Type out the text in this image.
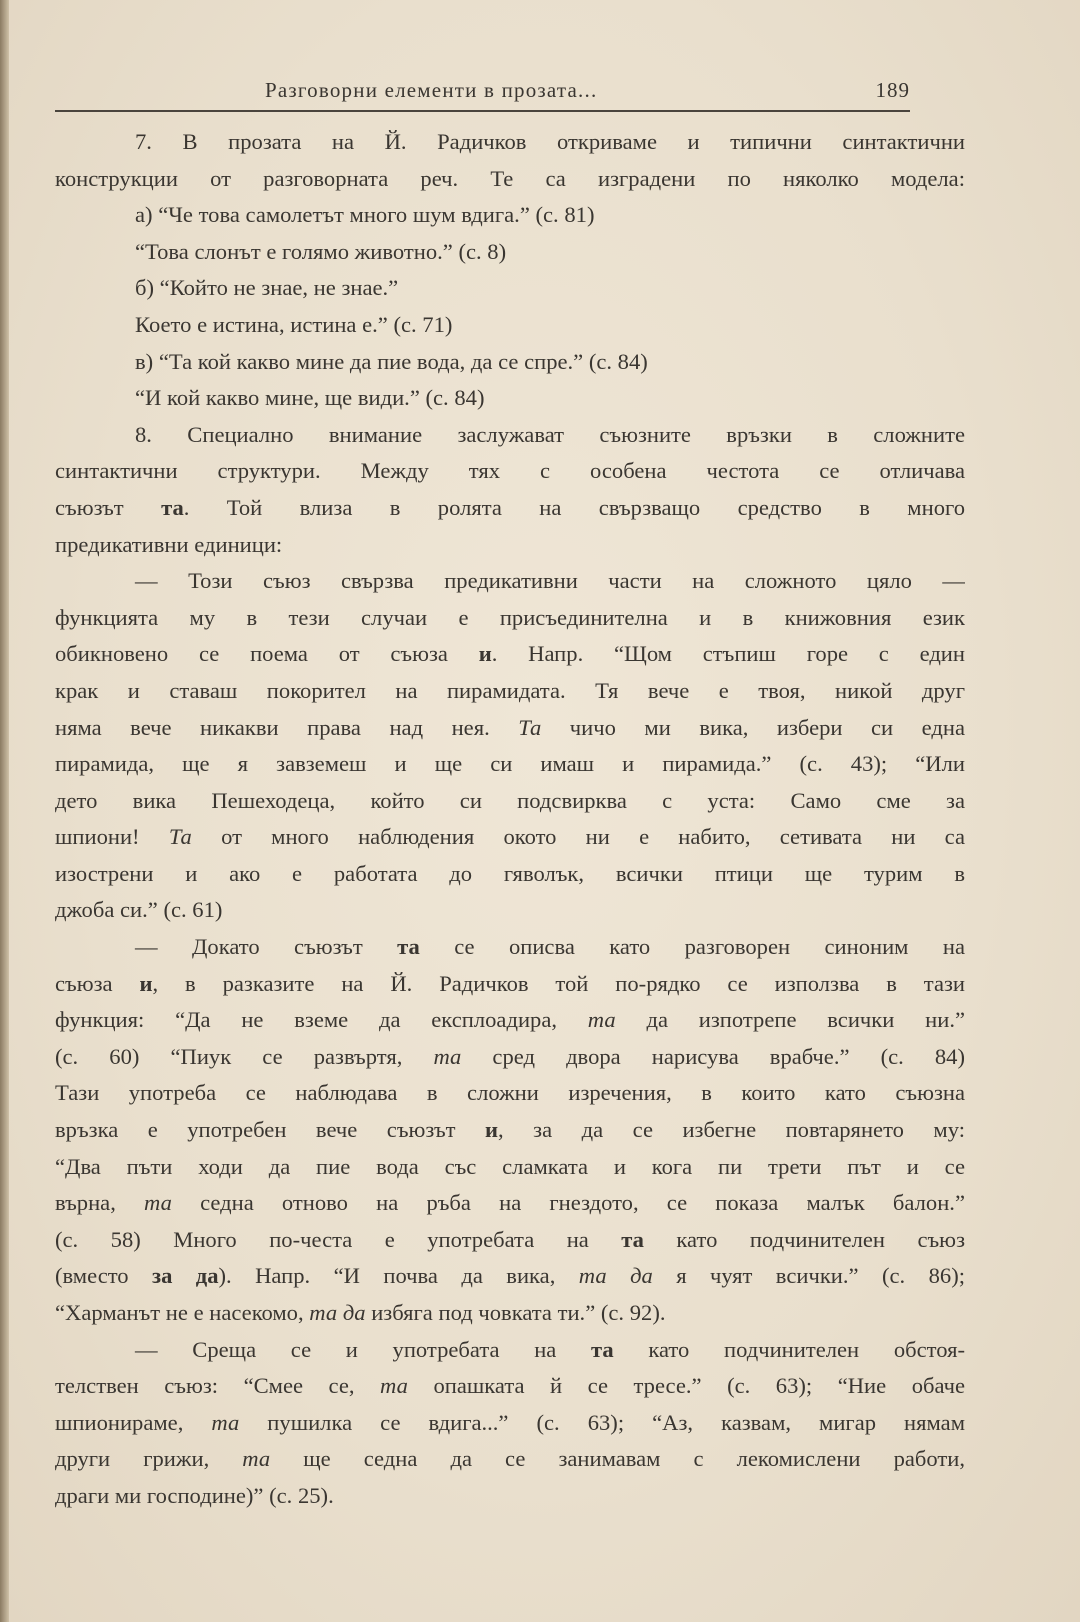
Разговорни елементи в прозата...	189
7. В прозата на Й. Радичков откриваме и типични синтактични
конструкции от разговорната реч. Те са изградени по няколко модела:
а) “Че това самолетът много шум вдига.” (с. 81)
“Това слонът е голямо животно.” (с. 8)
б) “Който не знае, не знае.”
Което е истина, истина е.” (с. 71)
в) “Та кой какво мине да пие вода, да се спре.” (с. 84)
“И кой какво мине, ще види.” (с. 84)
8. Специално внимание заслужават съюзните връзки в сложните
синтактични структури. Между тях с особена честота се отличава
съюзът та. Той влиза в ролята на свързващо средство в много
предикативни единици:
— Този съюз свързва предикативни части на сложното цяло —
функцията му в тези случаи е присъединителна и в книжовния език
обикновено се поема от съюза и. Напр. “Щом стъпиш горе с един
крак и ставаш покорител на пирамидата. Тя вече е твоя, никой друг
няма вече никакви права над нея. Та чичо ми вика, избери си една
пирамида, ще я завземеш и ще си имаш и пирамида.” (с. 43); “Или
дето вика Пешеходеца, който си подсвирква с уста: Само сме за
шпиони! Та от много наблюдения окото ни е набито, сетивата ни са
изострени и ако е работата до гяволък, всички птици ще турим в
джоба си.” (с. 61)
— Докато съюзът та се описва като разговорен синоним на
съюза и, в разказите на Й. Радичков той по-рядко се използва в тази
функция: “Да не вземе да експлоадира, та да изпотрепе всички ни.”
(с. 60) “Пиук се развъртя, та сред двора нарисува врабче.” (с. 84)
Тази употреба се наблюдава в сложни изречения, в които като съюзна
връзка е употребен вече съюзът и, за да се избегне повтарянето му:
“Два пъти ходи да пие вода със сламката и кога пи трети път и се
върна, та седна отново на ръба на гнездото, се показа малък балон.”
(с. 58) Много по-честа е употребата на та като подчинителен съюз
(вместо за да). Напр. “И почва да вика, та да я чуят всички.” (с. 86);
“Харманът не е насекомо, та да избяга под човката ти.” (с. 92).
— Среща се и употребата на та като подчинителен обстоя-
телствен съюз: “Смее се, та опашката й се тресе.” (с. 63); “Ние обаче
шпионираме, та пушилка се вдига...” (с. 63); “Аз, казвам, мигар нямам
други грижи, та ще седна да се занимавам с лекомислени работи,
драги ми господине)” (с. 25).
